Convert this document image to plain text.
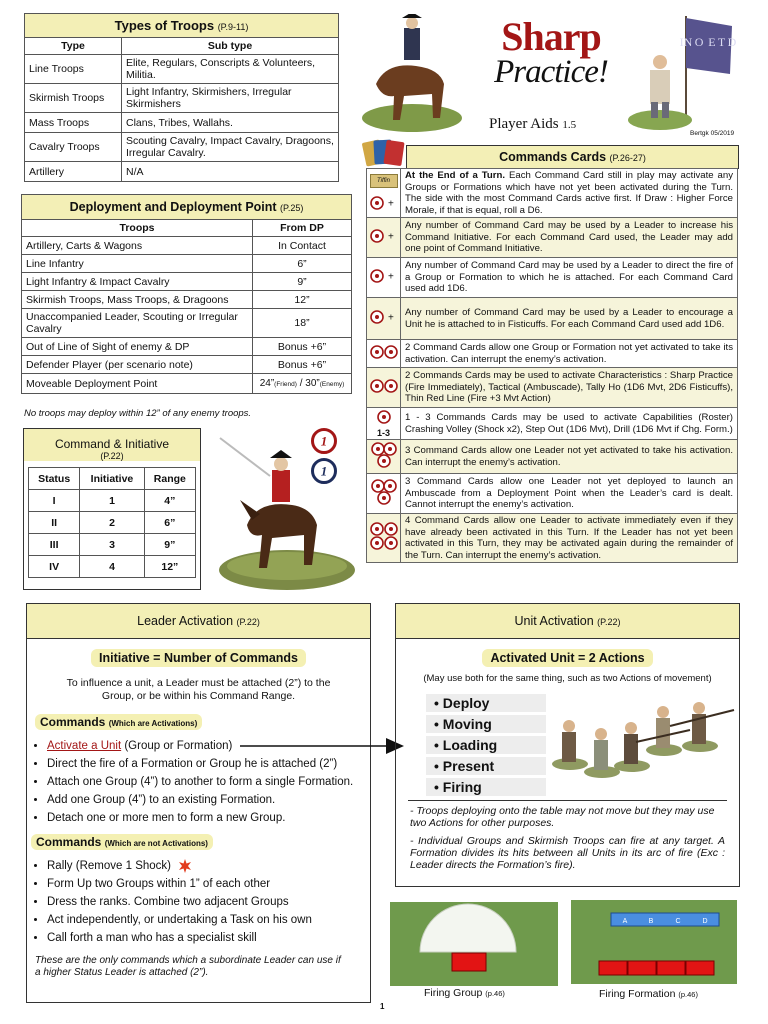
Types of Troops (P.9-11)	
Type	Sub type
Line Troops	Elite, Regulars, Conscripts & Volunteers, Militia.
Skirmish Troops	Light Infantry, Skirmishers, Irregular Skirmishers
Mass Troops	Clans, Tribes, Wallahs.
Cavalry Troops	Scouting Cavalry, Impact Cavalry, Dragoons, Irregular Cavalry.
Artillery	N/A
Deployment and Deployment Point (P.25)	
Troops	From DP
Artillery, Carts & Wagons	In Contact
Line Infantry	6”
Light Infantry & Impact Cavalry	9”
Skirmish Troops, Mass Troops, & Dragoons	12”
Unaccompanied Leader, Scouting or Irregular Cavalry	18”
Out of Line of Sight of enemy & DP	Bonus +6”
Defender Player (per scenario note)	Bonus +6”
Moveable Deployment Point	24”(Friend) / 30”(Enemy)
No troops may deploy within 12” of any enemy troops.
Command & Initiative
(P.22)
Status	Initiative	Range
I	1	4”
II	2	6”
III	3	9”
IV	4	12”
1
1
Sharp
Practice!
Player Aids 1.5
IN O  E T D
Bertgk 05/2019
Commands Cards (P.26-27)
Tiffin
+	At the End of a Turn. Each Command Card still in play may activate any Groups or Formations which have not yet been activated during the Turn. The side with the most Command Cards active first. If Draw : Higher Force Morale, if that is equal, roll a D6.

+	Any number of Command Card may be used by a Leader to increase his Command Initiative. For each Command Card used, the Leader may add one point of Command Initiative.

+	Any number of Command Card may be used by a Leader to direct the fire of a Group or Formation to which he is attached. For each Command Card used add 1D6.

+	Any number of Command Card may be used by a Leader to encourage a Unit he is attached to in Fisticuffs. For each Command Card used add 1D6.
	2 Command Cards allow one Group or Formation not yet activated to take its activation. Can interrupt the enemy’s activation.
	2 Commands Cards may be used to activate Characteristics : Sharp Practice (Fire Immediately), Tactical (Ambuscade), Tally Ho (1D6 Mvt, 2D6 Fisticuffs), Thin Red Line (Fire +3 Mvt Action)

1-3	1 - 3 Commands Cards may be used to activate Capabilities (Roster) Crashing Volley (Shock x2), Step Out (1D6 Mvt), Drill (1D6 Mvt if Chg. Form.)
	3 Command Cards allow one Leader not yet activated to take his activation. Can interrupt the enemy’s activation.
	3 Command Cards allow one Leader not yet deployed to launch an Ambuscade from a Deployment Point when the Leader’s card is dealt. Cannot interrupt the enemy’s activation.
	4 Command Cards allow one Leader to activate immediately even if they have already been activated in this Turn. If the Leader has not yet been activated in this Turn, they may be activated again during the remainder of the Turn. Can interrupt the enemy’s activation.
Leader Activation (P.22)
Initiative = Number of Commands
To influence a unit, a Leader must be attached (2”) to the Group, or be within his Command Range.
Commands (Which are Activations)
• Activate a Unit (Group or Formation)
• Direct the fire of a Formation or Group he is attached (2”)
• Attach one Group (4”) to another to form a single Formation.
• Add one Group (4”) to an existing Formation.
• Detach one or more men to form a new Group.
Commands (Which are not Activations)
• Rally (Remove 1 Shock)
• Form Up two Groups within 1” of each other
• Dress the ranks. Combine two adjacent Groups
• Act independently, or undertaking a Task on his own
• Call forth a man who has a specialist skill
These are the only commands which a subordinate Leader can use if a higher Status Leader is attached (2”).
Unit Activation (P.22)
Activated Unit = 2 Actions
(May use both for the same thing, such as two Actions of movement)
• Deploy
• Moving
• Loading
• Present
• Firing
- Troops deploying onto the table may not move but they may use two Actions for other purposes.
- Individual Groups and Skirmish Troops can fire at any target. A Formation divides its hits between all Units in its arc of fire (Exc : Leader directs the Formation’s fire).
Firing Group (p.46)
A	B	C	D
Firing Formation (p.46)
1
